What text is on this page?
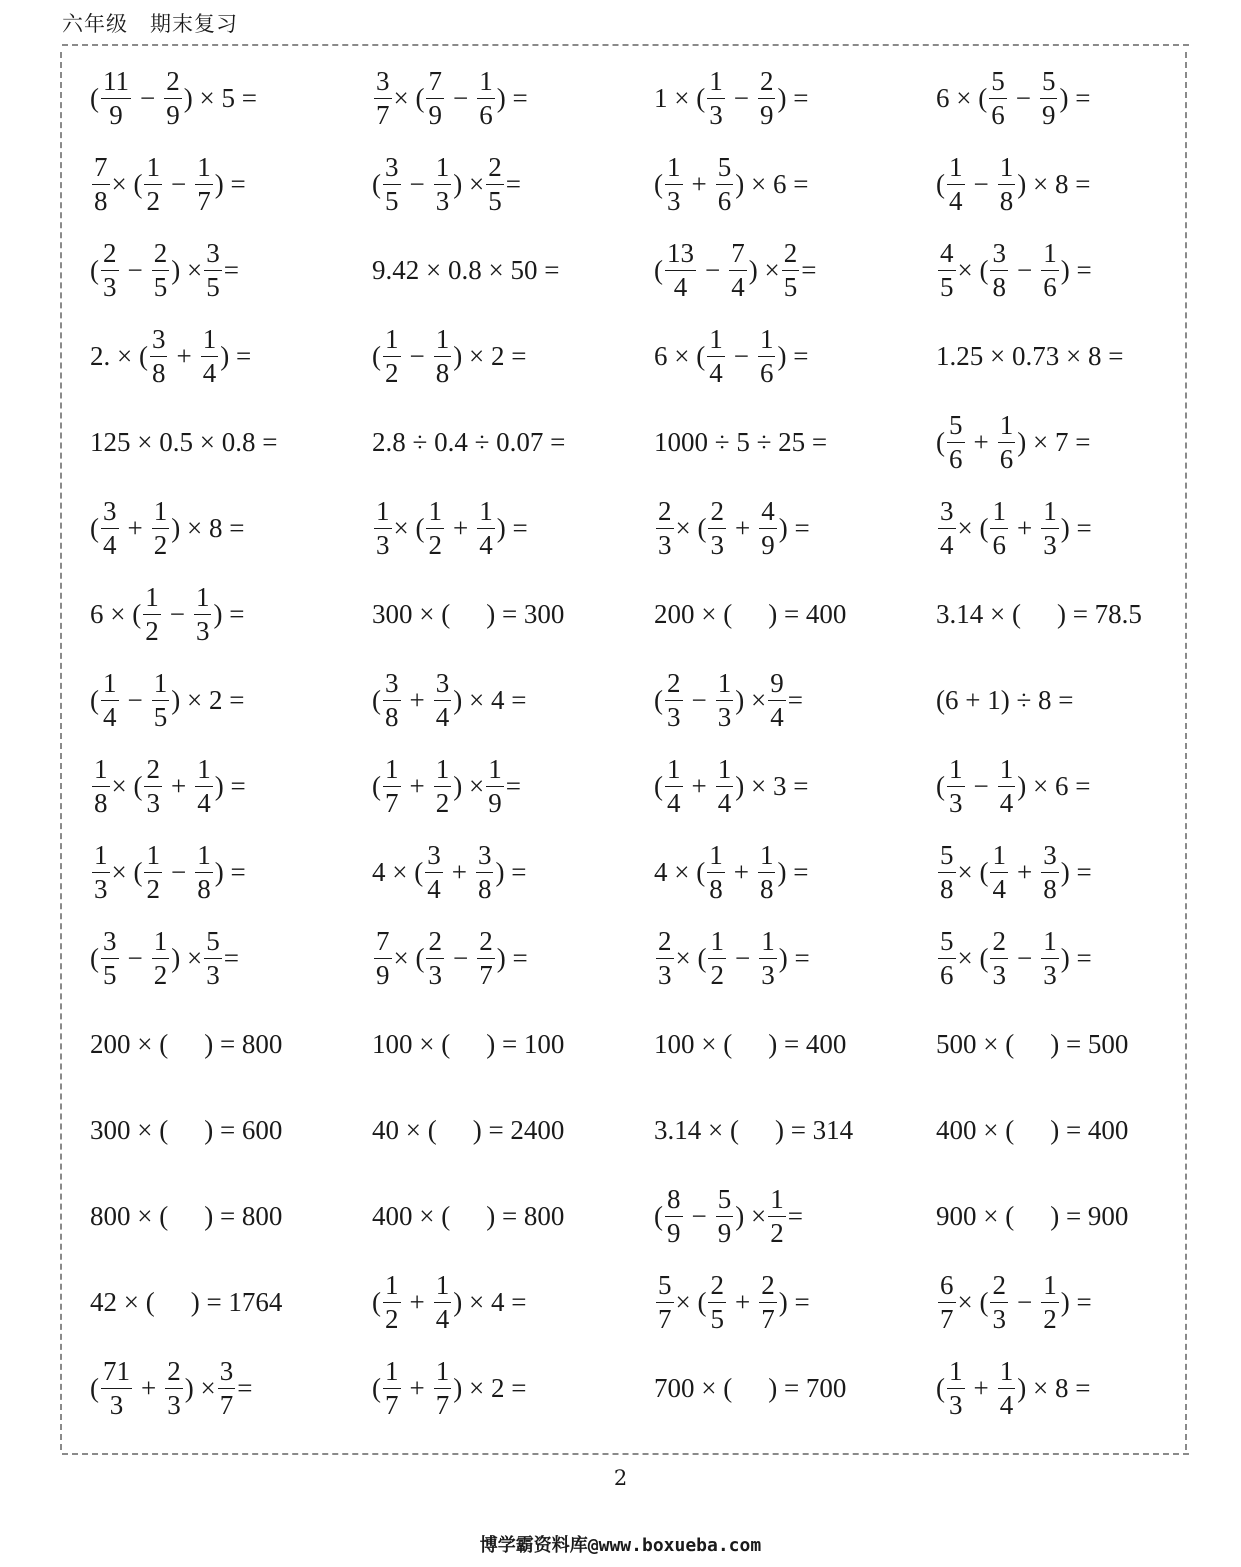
六年级 期末复习
( $\frac{11}{9} - \frac{2}{9}$ ) × 5 =	$\frac{3}{7}$ × ( $\frac{7}{9} - \frac{1}{6}$ ) =	1 × ( $\frac{1}{3} - \frac{2}{9}$ ) =	6 × ( $\frac{5}{6} - \frac{5}{9}$ ) =
$\frac{7}{8}$ × ( $\frac{1}{2} - \frac{1}{7}$ ) =	( $\frac{3}{5} - \frac{1}{3}$ ) × $\frac{2}{5}$ =	( $\frac{1}{3} + \frac{5}{6}$ ) × 6 =	( $\frac{1}{4} - \frac{1}{8}$ ) × 8 =
( $\frac{2}{3} - \frac{2}{5}$ ) × $\frac{3}{5}$ =	9.42 × 0.8 × 50 =	( $\frac{13}{4} - \frac{7}{4}$ ) × $\frac{2}{5}$ =	$\frac{4}{5}$ × ( $\frac{3}{8} - \frac{1}{6}$ ) =
2. × ( $\frac{3}{8} + \frac{1}{4}$ ) =	( $\frac{1}{2} - \frac{1}{8}$ ) × 2 =	6 × ( $\frac{1}{4} - \frac{1}{6}$ ) =	1.25 × 0.73 × 8 =
125 × 0.5 × 0.8 =	2.8 ÷ 0.4 ÷ 0.07 =	1000 ÷ 5 ÷ 25 =	( $\frac{5}{6} + \frac{1}{6}$ ) × 7 =
( $\frac{3}{4} + \frac{1}{2}$ ) × 8 =	$\frac{1}{3}$ × ( $\frac{1}{2} + \frac{1}{4}$ ) =	$\frac{2}{3}$ × ( $\frac{2}{3} + \frac{4}{9}$ ) =	$\frac{3}{4}$ × ( $\frac{1}{6} + \frac{1}{3}$ ) =
6 × ( $\frac{1}{2} - \frac{1}{3}$ ) =	300 × ( ) = 300	200 × ( ) = 400	3.14 × ( ) = 78.5
( $\frac{1}{4} - \frac{1}{5}$ ) × 2 =	( $\frac{3}{8} + \frac{3}{4}$ ) × 4 =	( $\frac{2}{3} - \frac{1}{3}$ ) × $\frac{9}{4}$ =	(6 + 1) ÷ 8 =
$\frac{1}{8}$ × ( $\frac{2}{3} + \frac{1}{4}$ ) =	( $\frac{1}{7} + \frac{1}{2}$ ) × $\frac{1}{9}$ =	( $\frac{1}{4} + \frac{1}{4}$ ) × 3 =	( $\frac{1}{3} - \frac{1}{4}$ ) × 6 =
$\frac{1}{3}$ × ( $\frac{1}{2} - \frac{1}{8}$ ) =	4 × ( $\frac{3}{4} + \frac{3}{8}$ ) =	4 × ( $\frac{1}{8} + \frac{1}{8}$ ) =	$\frac{5}{8}$ × ( $\frac{1}{4} + \frac{3}{8}$ ) =
( $\frac{3}{5} - \frac{1}{2}$ ) × $\frac{5}{3}$ =	$\frac{7}{9}$ × ( $\frac{2}{3} - \frac{2}{7}$ ) =	$\frac{2}{3}$ × ( $\frac{1}{2} - \frac{1}{3}$ ) =	$\frac{5}{6}$ × ( $\frac{2}{3} - \frac{1}{3}$ ) =
200 × ( ) = 800	100 × ( ) = 100	100 × ( ) = 400	500 × ( ) = 500
300 × ( ) = 600	40 × ( ) = 2400	3.14 × ( ) = 314	400 × ( ) = 400
800 × ( ) = 800	400 × ( ) = 800	( $\frac{8}{9} - \frac{5}{9}$ ) × $\frac{1}{2}$ =	900 × ( ) = 900
42 × ( ) = 1764	( $\frac{1}{2} + \frac{1}{4}$ ) × 4 =	$\frac{5}{7}$ × ( $\frac{2}{5} + \frac{2}{7}$ ) =	$\frac{6}{7}$ × ( $\frac{2}{3} - \frac{1}{2}$ ) =
( $\frac{71}{3} + \frac{2}{3}$ ) × $\frac{3}{7}$ =	( $\frac{1}{7} + \frac{1}{7}$ ) × 2 =	700 × ( ) = 700	( $\frac{1}{3} + \frac{1}{4}$ ) × 8 =
2
博学霸资料库@www.boxueba.com
